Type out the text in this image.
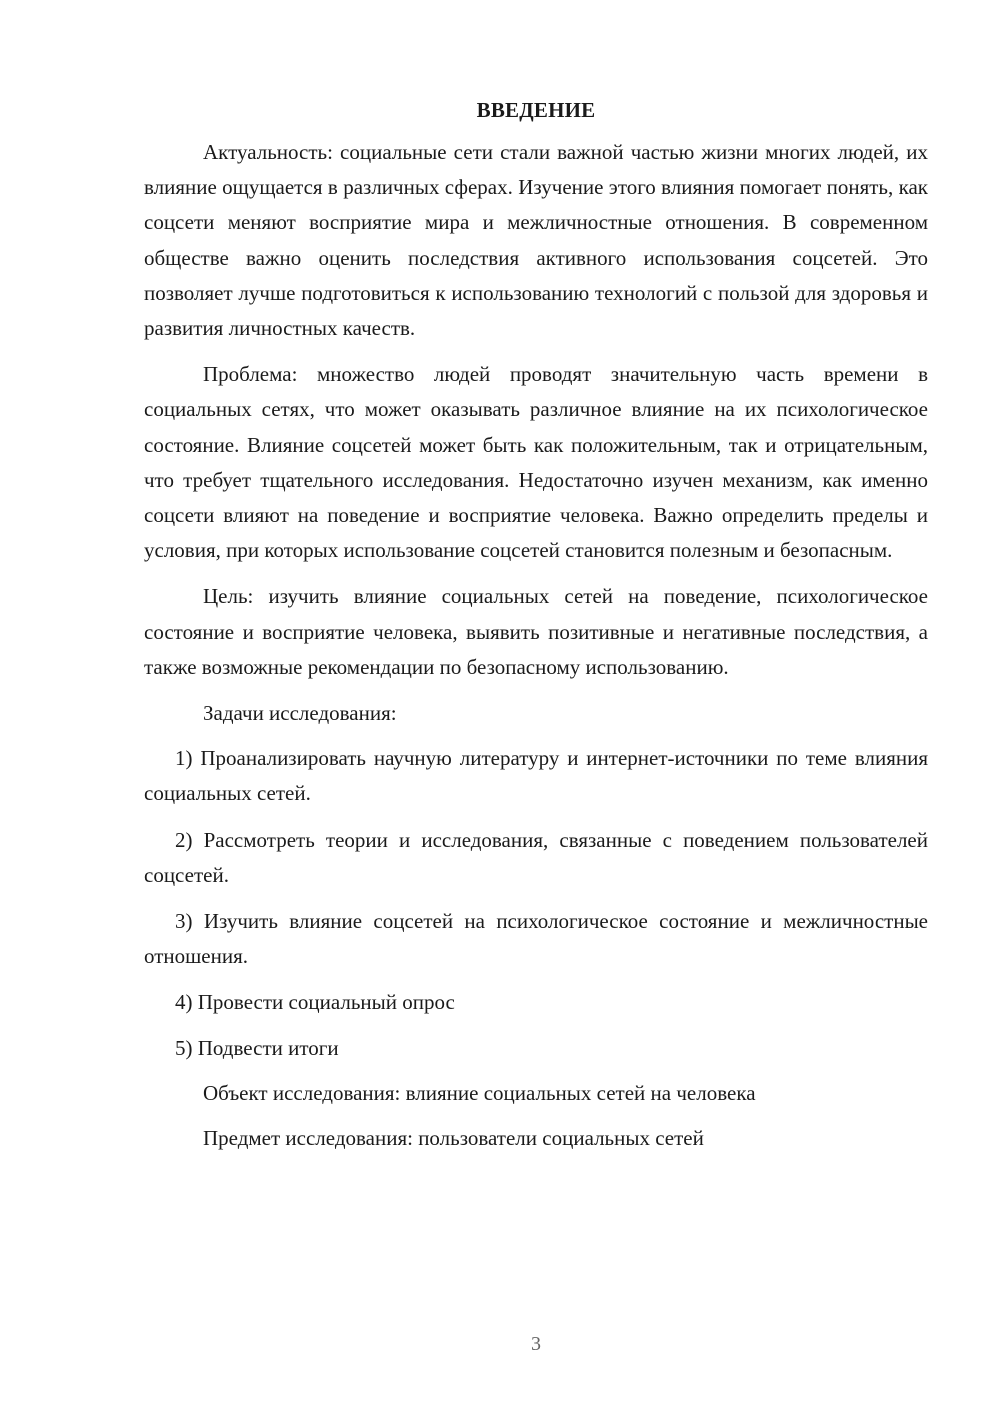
ВВЕДЕНИЕ

Актуальность: социальные сети стали важной частью жизни многих людей, их влияние ощущается в различных сферах. Изучение этого влияния помогает понять, как соцсети меняют восприятие мира и межличностные отношения. В современном обществе важно оценить последствия активного использования соцсетей. Это позволяет лучше подготовиться к использованию технологий с пользой для здоровья и развития личностных качеств.

Проблема: множество людей проводят значительную часть времени в социальных сетях, что может оказывать различное влияние на их психологическое состояние. Влияние соцсетей может быть как положительным, так и отрицательным, что требует тщательного исследования. Недостаточно изучен механизм, как именно соцсети влияют на поведение и восприятие человека. Важно определить пределы и условия, при которых использование соцсетей становится полезным и безопасным.

Цель: изучить влияние социальных сетей на поведение, психологическое состояние и восприятие человека, выявить позитивные и негативные последствия, а также возможные рекомендации по безопасному использованию.

Задачи исследования:

1) Проанализировать научную литературу и интернет-источники по теме влияния социальных сетей.

2) Рассмотреть теории и исследования, связанные с поведением пользователей соцсетей.

3) Изучить влияние соцсетей на психологическое состояние и межличностные отношения.

4) Провести социальный опрос

5) Подвести итоги

Объект исследования: влияние социальных сетей на человека

Предмет исследования: пользователи социальных сетей

3
